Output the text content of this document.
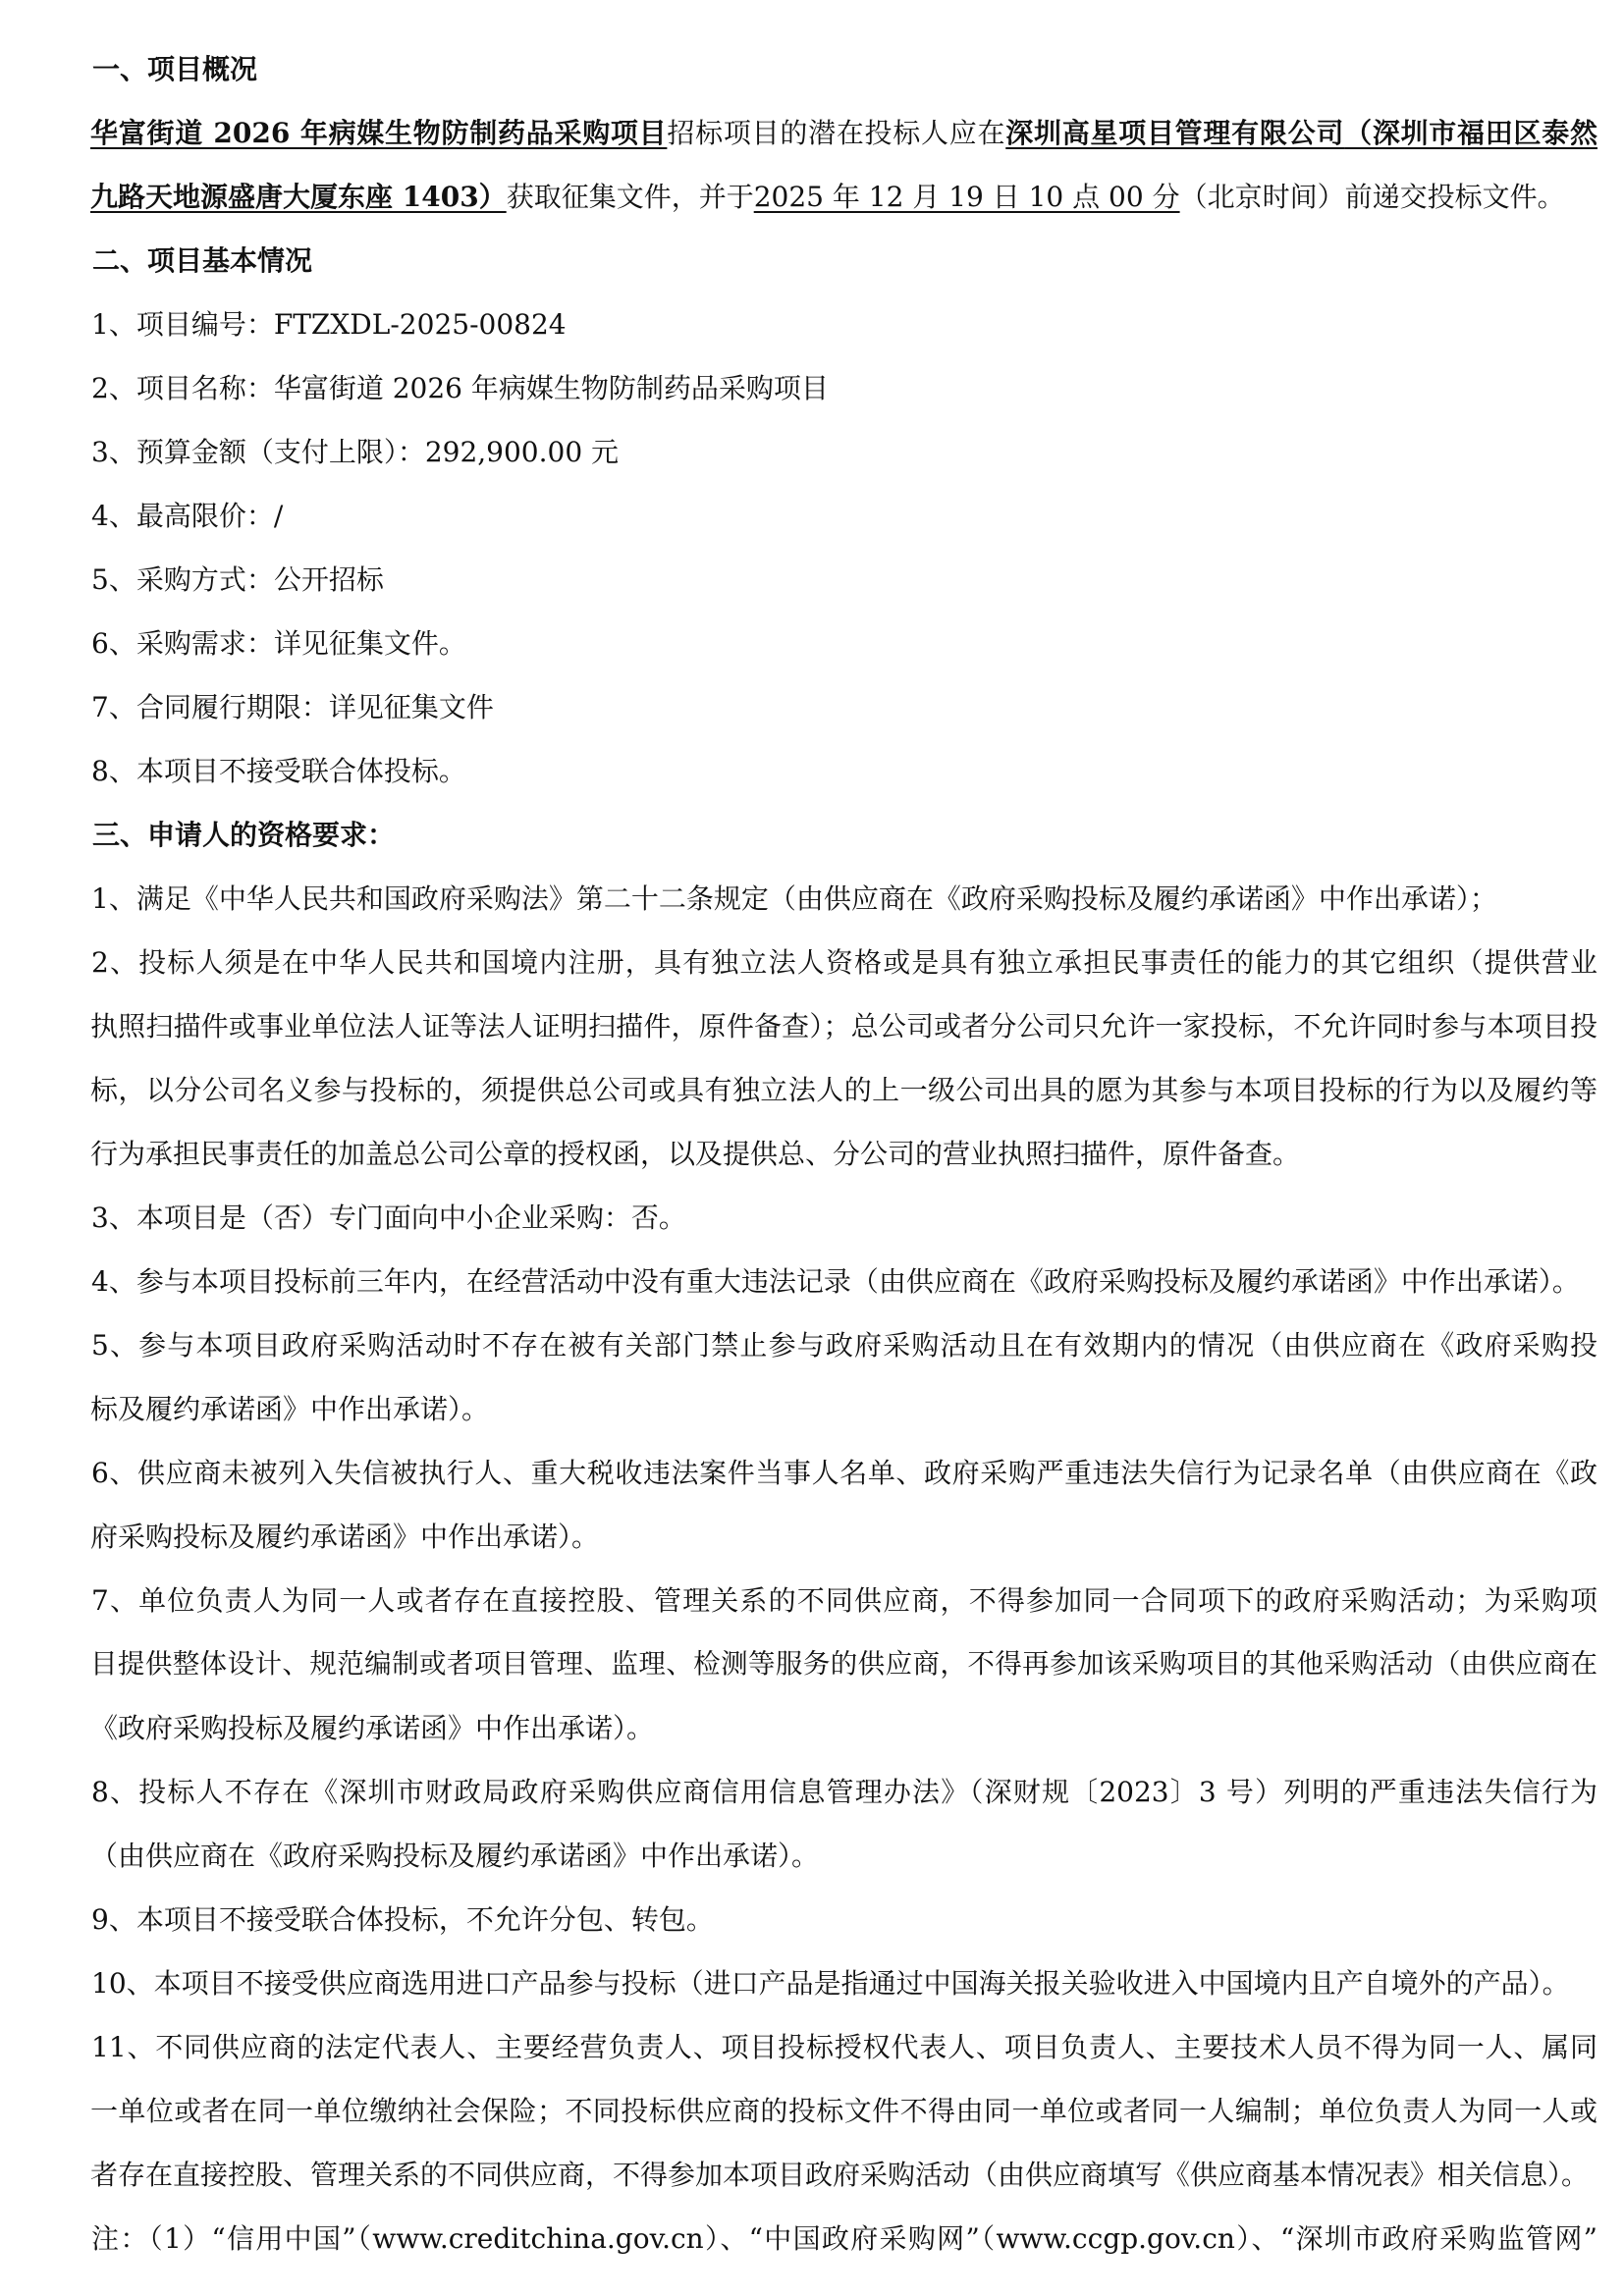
一、项目概况
华富街道 2026 年病媒生物防制药品采购项目招标项目的潜在投标人应在深圳高星项目管理有限公司（深圳市福田区泰然
九路天地源盛唐大厦东座 1403）获取征集文件，并于2025 年 12 月 19 日 10 点 00 分（北京时间）前递交投标文件。
二、项目基本情况
1、项目编号：FTZXDL-2025-00824
2、项目名称：华富街道 2026 年病媒生物防制药品采购项目
3、预算金额（支付上限）：292,900.00 元
4、最高限价：/
5、采购方式：公开招标
6、采购需求：详见征集文件。
7、合同履行期限：详见征集文件
8、本项目不接受联合体投标。
三、申请人的资格要求：
1、满足《中华人民共和国政府采购法》第二十二条规定（由供应商在《政府采购投标及履约承诺函》中作出承诺）；
2、投标人须是在中华人民共和国境内注册，具有独立法人资格或是具有独立承担民事责任的能力的其它组织（提供营业
执照扫描件或事业单位法人证等法人证明扫描件，原件备查）；总公司或者分公司只允许一家投标，不允许同时参与本项目投
标，以分公司名义参与投标的，须提供总公司或具有独立法人的上一级公司出具的愿为其参与本项目投标的行为以及履约等
行为承担民事责任的加盖总公司公章的授权函，以及提供总、分公司的营业执照扫描件，原件备查。
3、本项目是（否）专门面向中小企业采购：否。
4、参与本项目投标前三年内，在经营活动中没有重大违法记录（由供应商在《政府采购投标及履约承诺函》中作出承诺）。
5、参与本项目政府采购活动时不存在被有关部门禁止参与政府采购活动且在有效期内的情况（由供应商在《政府采购投
标及履约承诺函》中作出承诺）。
6、供应商未被列入失信被执行人、重大税收违法案件当事人名单、政府采购严重违法失信行为记录名单（由供应商在《政
府采购投标及履约承诺函》中作出承诺）。
7、单位负责人为同一人或者存在直接控股、管理关系的不同供应商，不得参加同一合同项下的政府采购活动；为采购项
目提供整体设计、规范编制或者项目管理、监理、检测等服务的供应商，不得再参加该采购项目的其他采购活动（由供应商在
《政府采购投标及履约承诺函》中作出承诺）。
8、投标人不存在《深圳市财政局政府采购供应商信用信息管理办法》（深财规〔2023〕3 号）列明的严重违法失信行为
（由供应商在《政府采购投标及履约承诺函》中作出承诺）。
9、本项目不接受联合体投标，不允许分包、转包。
10、本项目不接受供应商选用进口产品参与投标（进口产品是指通过中国海关报关验收进入中国境内且产自境外的产品）。
11、不同供应商的法定代表人、主要经营负责人、项目投标授权代表人、项目负责人、主要技术人员不得为同一人、属同
一单位或者在同一单位缴纳社会保险；不同投标供应商的投标文件不得由同一单位或者同一人编制；单位负责人为同一人或
者存在直接控股、管理关系的不同供应商，不得参加本项目政府采购活动（由供应商填写《供应商基本情况表》相关信息）。
注：（1）“信用中国”（www.creditchina.gov.cn）、“中国政府采购网”（www.ccgp.gov.cn）、“深圳市政府采购监管网”
